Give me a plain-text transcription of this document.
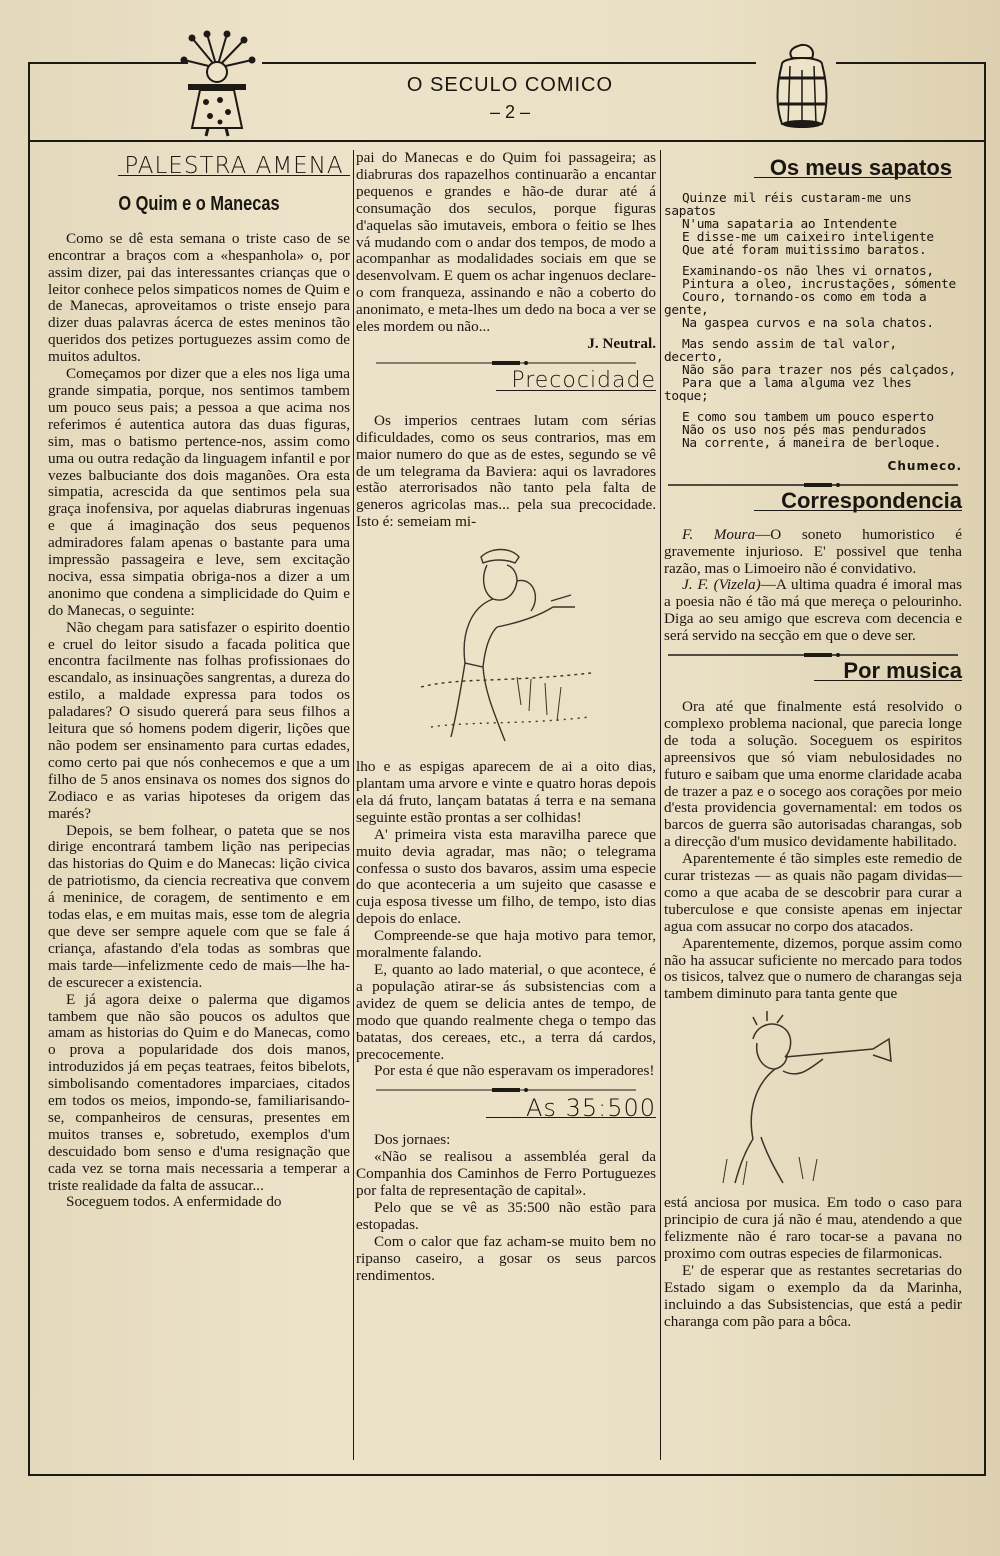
O SECULO COMICO
– 2 –
PALESTRA AMENA
O Quim e o Manecas

Como se dê esta semana o triste caso de se encontrar a braços com a «hespanhola» o, por assim dizer, pai das interessantes crianças que o leitor conhece pelos simpaticos nomes de Quim e de Manecas, aproveitamos o triste ensejo para dizer duas palavras ácerca de estes meninos tão queridos dos petizes portuguezes assim como de muitos adultos.

Começamos por dizer que a eles nos liga uma grande simpatia, porque, nos sentimos tambem um pouco seus pais; a pessoa a que acima nos referimos é autentica autora das duas figuras, sim, mas o batismo pertence-nos, assim como uma ou outra redação da linguagem infantil e por vezes balbuciante dos dois maganões. Ora esta simpatia, acrescida da que sentimos pela sua graça inofensiva, por aquelas diabruras ingenuas e que á imaginação dos seus pequenos admiradores falam apenas o bastante para uma impressão passageira e leve, sem excitação nociva, essa simpatia obriga-nos a dizer a um anonimo que condena a simplicidade do Quim e do Manecas, o seguinte:

Não chegam para satisfazer o espirito doentio e cruel do leitor sisudo a facada politica que encontra facilmente nas folhas profissionaes do escandalo, as insinuações sangrentas, a dureza do estilo, a maldade expressa para todos os paladares? O sisudo quererá para seus filhos a leitura que só homens podem digerir, lições que não podem ser ensinamento para curtas edades, como certo pai que nós conhecemos e que a um filho de 5 anos ensinava os nomes dos signos do Zodiaco e as varias hipoteses da origem das marés?

Depois, se bem folhear, o pateta que se nos dirige encontrará tambem lição nas peripecias das historias do Quim e do Manecas: lição civica de patriotismo, da ciencia recreativa que convem á meninice, de coragem, de sentimento e em todas elas, e em muitas mais, esse tom de alegria que deve ser sempre aquele com que se fale á criança, afastando d'ela todas as sombras que mais tarde—infelizmente cedo de mais—lhe ha-de escurecer a existencia.

E já agora deixe o palerma que digamos tambem que não são poucos os adultos que amam as historias do Quim e do Manecas, como o prova a popularidade dos dois manos, introduzidos já em peças teatraes, feitos bibelots, simbolisando comentadores imparciaes, citados em todos os meios, impondo-se, familiarisando-se, companheiros de censuras, presentes em muitos transes e, sobretudo, exemplos d'um descuidado bom senso e d'uma resignação que cada vez se torna mais necessaria a temperar a triste realidade da falta de assucar...

Soceguem todos. A enfermidade do

pai do Manecas e do Quim foi passageira; as diabruras dos rapazelhos continuarão a encantar pequenos e grandes e hão-de durar até á consumação dos seculos, porque figuras d'aquelas são imutaveis, embora o feitio se lhes vá mudando com o andar dos tempos, de modo a acompanhar as modalidades sociais em que se desenvolvam. E quem os achar ingenuos declare-o com franqueza, assinando e não a coberto do anonimato, e meta-lhes um dedo na boca a ver se eles mordem ou não...

J. Neutral.

Precocidade

Os imperios centraes lutam com sérias dificuldades, como os seus contrarios, mas em maior numero do que as de estes, segundo se vê de um telegrama da Baviera: aqui os lavradores estão aterrorisados não tanto pela falta de generos agricolas mas... pela sua precocidade. Isto é: semeiam mi-

lho e as espigas aparecem de ai a oito dias, plantam uma arvore e vinte e quatro horas depois ela dá fruto, lançam batatas á terra e na semana seguinte estão prontas a ser colhidas!

A' primeira vista esta maravilha parece que muito devia agradar, mas não; o telegrama confessa o susto dos bavaros, assim uma especie do que aconteceria a um sujeito que casasse e cuja esposa tivesse um filho, de tempo, isto dias depois do enlace.

Compreende-se que haja motivo para temor, moralmente falando.

E, quanto ao lado material, o que acontece, é a população atirar-se ás subsistencias com a avidez de quem se delicia antes de tempo, de modo que quando realmente chega o tempo das batatas, dos cereaes, etc., a terra dá cardos, precocemente.

Por esta é que não esperavam os imperadores!

As 35:500

Dos jornaes:

«Não se realisou a assembléa geral da Companhia dos Caminhos de Ferro Portuguezes por falta de representação de capital».

Pelo que se vê as 35:500 não estão para estopadas.

Com o calor que faz acham-se muito bem no ripanso caseiro, a gosar os seus parcos rendimentos.

Os meus sapatos

Quinze mil réis custaram-me uns sapatos

N'uma sapataria ao Intendente

E disse-me um caixeiro inteligente

Que até foram muitissimo baratos.

Examinando-os não lhes vi ornatos,

Pintura a oleo, incrustações, sómente

Couro, tornando-os como em toda a gente,

Na gaspea curvos e na sola chatos.

Mas sendo assim de tal valor, decerto,

Não são para trazer nos pés calçados,

Para que a lama alguma vez lhes toque;

E como sou tambem um pouco esperto

Não os uso nos pés mas pendurados

Na corrente, á maneira de berloque.

Chumeco.

Correspondencia

F. Moura—O soneto humoristico é gravemente injurioso. E' possivel que tenha razão, mas o Limoeiro não é convidativo.

J. F. (Vizela)—A ultima quadra é imoral mas a poesia não é tão má que mereça o pelourinho. Diga ao seu amigo que escreva com decencia e será servido na secção em que o deve ser.

Por musica

Ora até que finalmente está resolvido o complexo problema nacional, que parecia longe de toda a solução. Soceguem os espiritos apreensivos que só viam nebulosidades no futuro e saibam que uma enorme claridade acaba de trazer a paz e o socego aos corações por meio d'esta providencia governamental: em todos os barcos de guerra são autorisadas charangas, sob a direcção d'um musico devidamente habilitado.

Aparentemente é tão simples este remedio de curar tristezas — as quais não pagam dividas—como a que acaba de se descobrir para curar a tuberculose e que consiste apenas em injectar agua com assucar no corpo dos atacados.

Aparentemente, dizemos, porque assim como não ha assucar suficiente no mercado para todos os tisicos, talvez que o numero de charangas seja tambem diminuto para tanta gente que

está anciosa por musica. Em todo o caso para principio de cura já não é mau, atendendo a que felizmente não é raro tocar-se a pavana no proximo com outras especies de filarmonicas.

E' de esperar que as restantes secretarias do Estado sigam o exemplo da da Marinha, incluindo a das Subsistencias, que está a pedir charanga com pão para a bôca.
